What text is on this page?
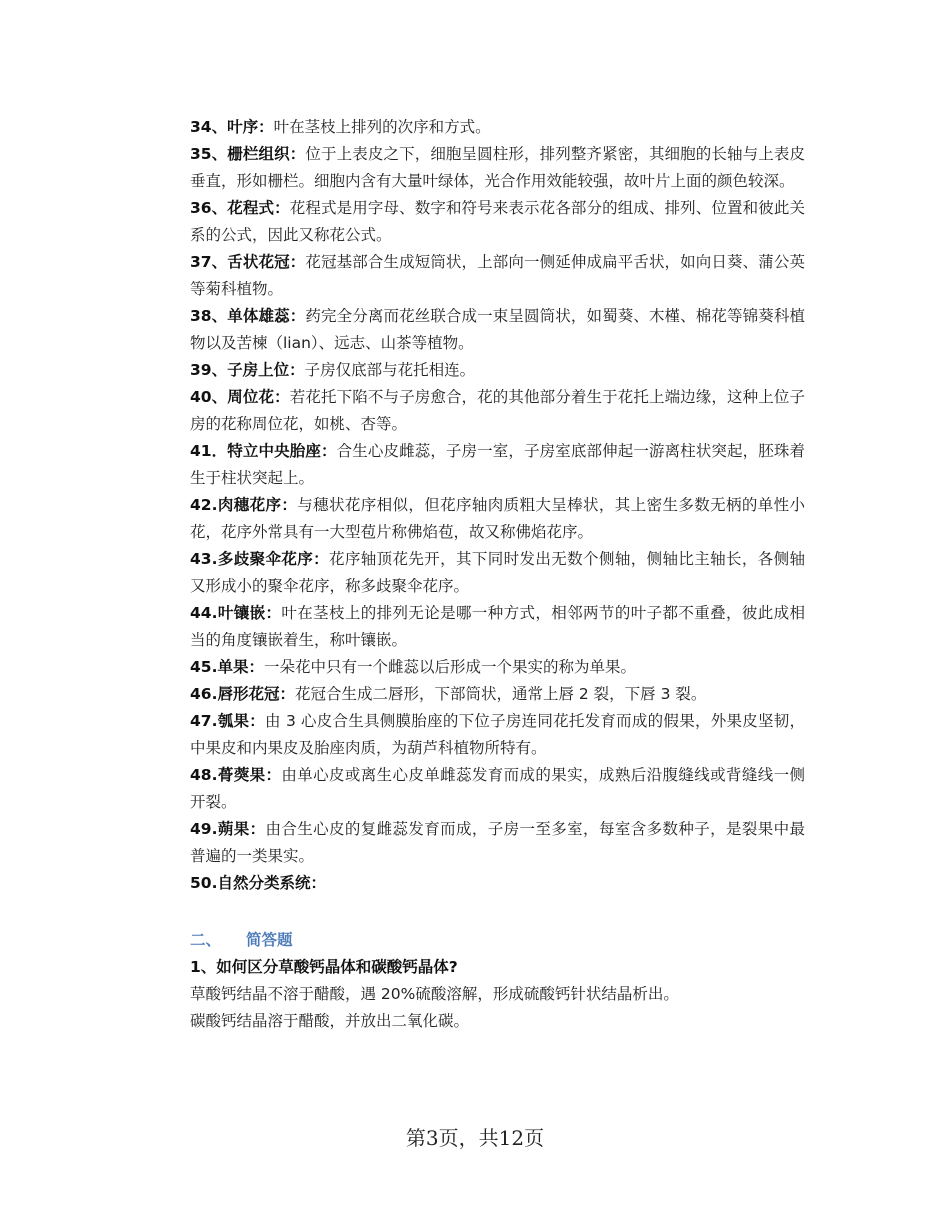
34、叶序：叶在茎枝上排列的次序和方式。

35、栅栏组织：位于上表皮之下，细胞呈圆柱形，排列整齐紧密，其细胞的长轴与上表皮垂直，形如栅栏。细胞内含有大量叶绿体，光合作用效能较强，故叶片上面的颜色较深。

36、花程式：花程式是用字母、数字和符号来表示花各部分的组成、排列、位置和彼此关系的公式，因此又称花公式。

37、舌状花冠：花冠基部合生成短筒状，上部向一侧延伸成扁平舌状，如向日葵、蒲公英等菊科植物。

38、单体雄蕊：药完全分离而花丝联合成一束呈圆筒状，如蜀葵、木槿、棉花等锦葵科植物以及苦楝（lian）、远志、山茶等植物。

39、子房上位：子房仅底部与花托相连。

40、周位花：若花托下陷不与子房愈合，花的其他部分着生于花托上端边缘，这种上位子房的花称周位花，如桃、杏等。

41．特立中央胎座：合生心皮雌蕊，子房一室，子房室底部伸起一游离柱状突起，胚珠着生于柱状突起上。

42.肉穗花序：与穗状花序相似，但花序轴肉质粗大呈棒状，其上密生多数无柄的单性小花，花序外常具有一大型苞片称佛焰苞，故又称佛焰花序。

43.多歧聚伞花序：花序轴顶花先开，其下同时发出无数个侧轴，侧轴比主轴长，各侧轴又形成小的聚伞花序，称多歧聚伞花序。

44.叶镶嵌：叶在茎枝上的排列无论是哪一种方式，相邻两节的叶子都不重叠，彼此成相当的角度镶嵌着生，称叶镶嵌。

45.单果：一朵花中只有一个雌蕊以后形成一个果实的称为单果。

46.唇形花冠：花冠合生成二唇形，下部筒状，通常上唇 2 裂，下唇 3 裂。

47.瓠果：由 3 心皮合生具侧膜胎座的下位子房连同花托发育而成的假果，外果皮坚韧，中果皮和内果皮及胎座肉质，为葫芦科植物所特有。

48.蓇葖果：由单心皮或离生心皮单雌蕊发育而成的果实，成熟后沿腹缝线或背缝线一侧开裂。

49.蒴果：由合生心皮的复雌蕊发育而成，子房一至多室，每室含多数种子，是裂果中最普遍的一类果实。

50.自然分类系统：

二、 简答题

1、如何区分草酸钙晶体和碳酸钙晶体?

草酸钙结晶不溶于醋酸，遇 20%硫酸溶解，形成硫酸钙针状结晶析出。

碳酸钙结晶溶于醋酸，并放出二氧化碳。

第3页，共12页
